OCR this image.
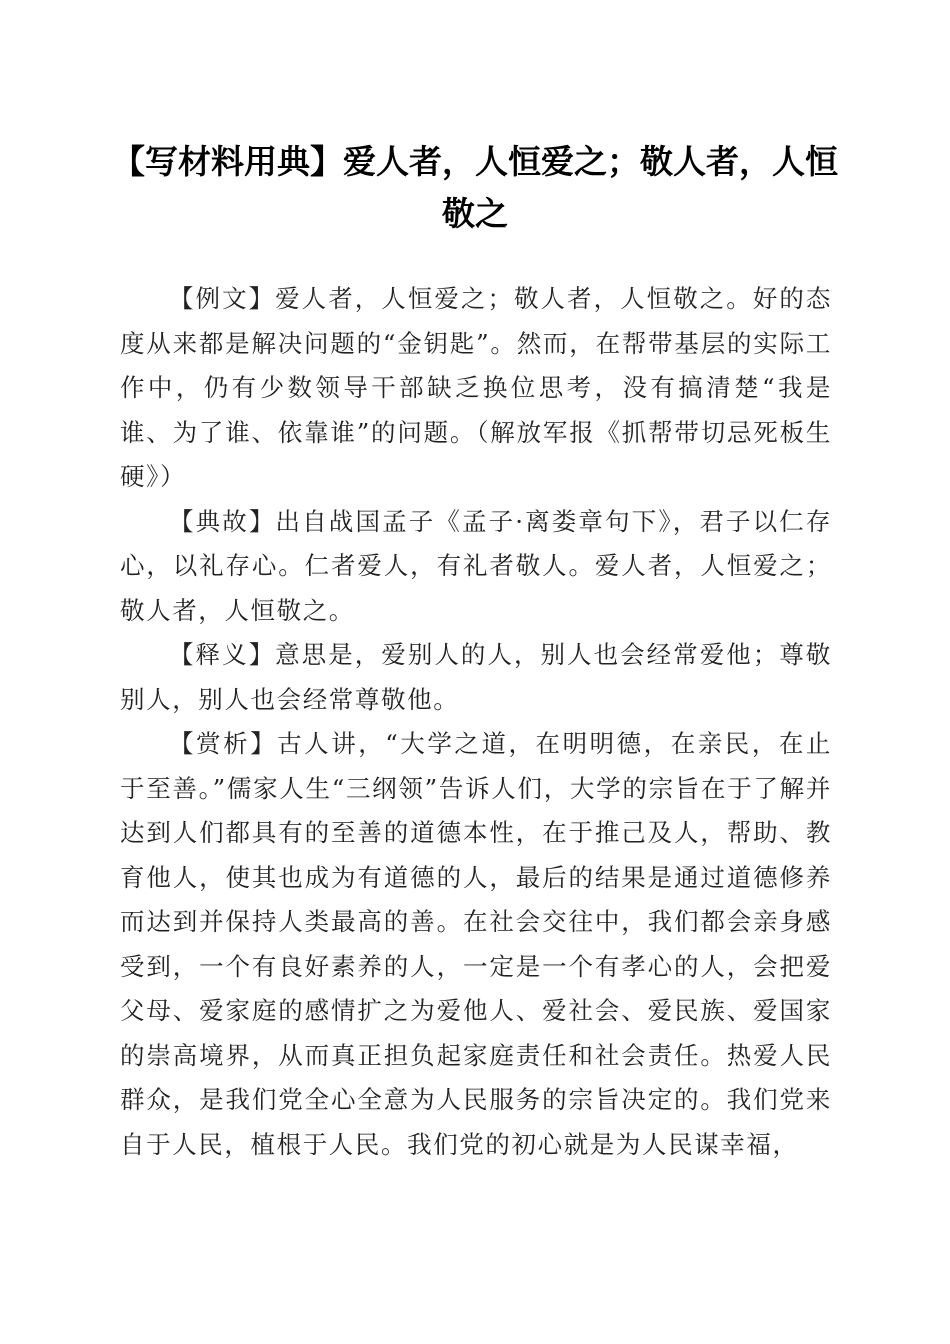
【写材料用典】爱人者，人恒爱之；敬人者，人恒敬之

【例文】爱人者，人恒爱之；敬人者，人恒敬之。好的态度从来都是解决问题的“金钥匙”。然而，在帮带基层的实际工作中，仍有少数领导干部缺乏换位思考，没有搞清楚“我是谁、为了谁、依靠谁”的问题。（解放军报《抓帮带切忌死板生硬》）

【典故】出自战国孟子《孟子·离娄章句下》，君子以仁存心，以礼存心。仁者爱人，有礼者敬人。爱人者，人恒爱之；敬人者，人恒敬之。

【释义】意思是，爱别人的人，别人也会经常爱他；尊敬别人，别人也会经常尊敬他。

【赏析】古人讲，“大学之道，在明明德，在亲民，在止于至善。”儒家人生“三纲领”告诉人们，大学的宗旨在于了解并达到人们都具有的至善的道德本性，在于推己及人，帮助、教育他人，使其也成为有道德的人，最后的结果是通过道德修养而达到并保持人类最高的善。在社会交往中，我们都会亲身感受到，一个有良好素养的人，一定是一个有孝心的人，会把爱父母、爱家庭的感情扩之为爱他人、爱社会、爱民族、爱国家的崇高境界，从而真正担负起家庭责任和社会责任。热爱人民群众，是我们党全心全意为人民服务的宗旨决定的。我们党来自于人民，植根于人民。我们党的初心就是为人民谋幸福，
